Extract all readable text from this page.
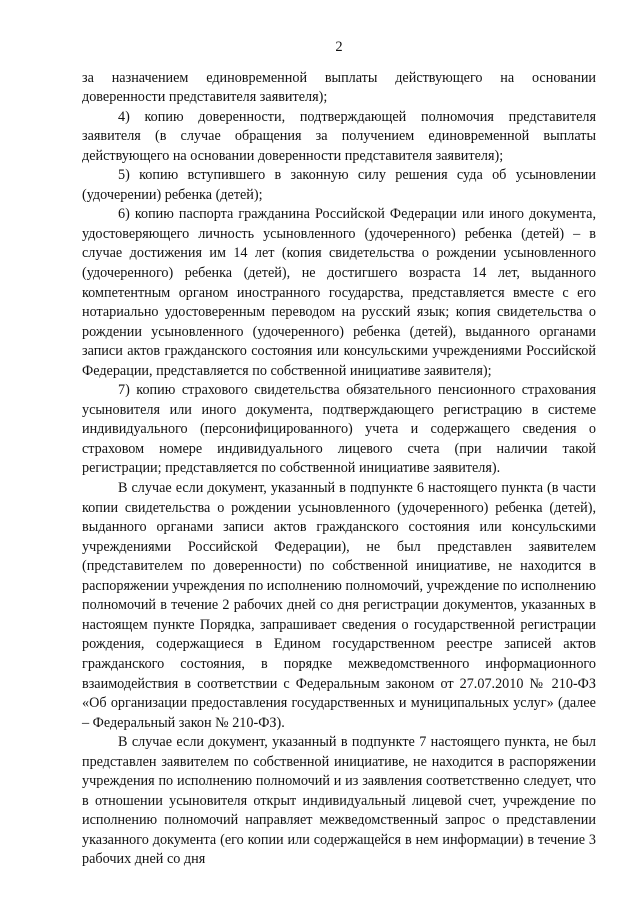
2

за назначением единовременной выплаты действующего на основании доверенности представителя заявителя);

4) копию доверенности, подтверждающей полномочия представителя заявителя (в случае обращения за получением единовременной выплаты действующего на основании доверенности представителя заявителя);

5) копию вступившего в законную силу решения суда об усыновлении (удочерении) ребенка (детей);

6) копию паспорта гражданина Российской Федерации или иного документа, удостоверяющего личность усыновленного (удочеренного) ребенка (детей) – в случае достижения им 14 лет (копия свидетельства о рождении усыновленного (удочеренного) ребенка (детей), не достигшего возраста 14 лет, выданного компетентным органом иностранного государства, представляется вместе с его нотариально удостоверенным переводом на русский язык; копия свидетельства о рождении усыновленного (удочеренного) ребенка (детей), выданного органами записи актов гражданского состояния или консульскими учреждениями Российской Федерации, представляется по собственной инициативе заявителя);

7) копию страхового свидетельства обязательного пенсионного страхования усыновителя или иного документа, подтверждающего регистрацию в системе индивидуального (персонифицированного) учета и содержащего сведения о страховом номере индивидуального лицевого счета (при наличии такой регистрации; представляется по собственной инициативе заявителя).

В случае если документ, указанный в подпункте 6 настоящего пункта (в части копии свидетельства о рождении усыновленного (удочеренного) ребенка (детей), выданного органами записи актов гражданского состояния или консульскими учреждениями Российской Федерации), не был представлен заявителем (представителем по доверенности) по собственной инициативе, не находится в распоряжении учреждения по исполнению полномочий, учреждение по исполнению полномочий в течение 2 рабочих дней со дня регистрации документов, указанных в настоящем пункте Порядка, запрашивает сведения о государственной регистрации рождения, содержащиеся в Едином государственном реестре записей актов гражданского состояния, в порядке межведомственного информационного взаимодействия в соответствии с Федеральным законом от 27.07.2010 № 210-ФЗ «Об организации предоставления государственных и муниципальных услуг» (далее – Федеральный закон № 210-ФЗ).

В случае если документ, указанный в подпункте 7 настоящего пункта, не был представлен заявителем по собственной инициативе, не находится в распоряжении учреждения по исполнению полномочий и из заявления соответственно следует, что в отношении усыновителя открыт индивидуальный лицевой счет, учреждение по исполнению полномочий направляет межведомственный запрос о представлении указанного документа (его копии или содержащейся в нем информации) в течение 3 рабочих дней со дня
